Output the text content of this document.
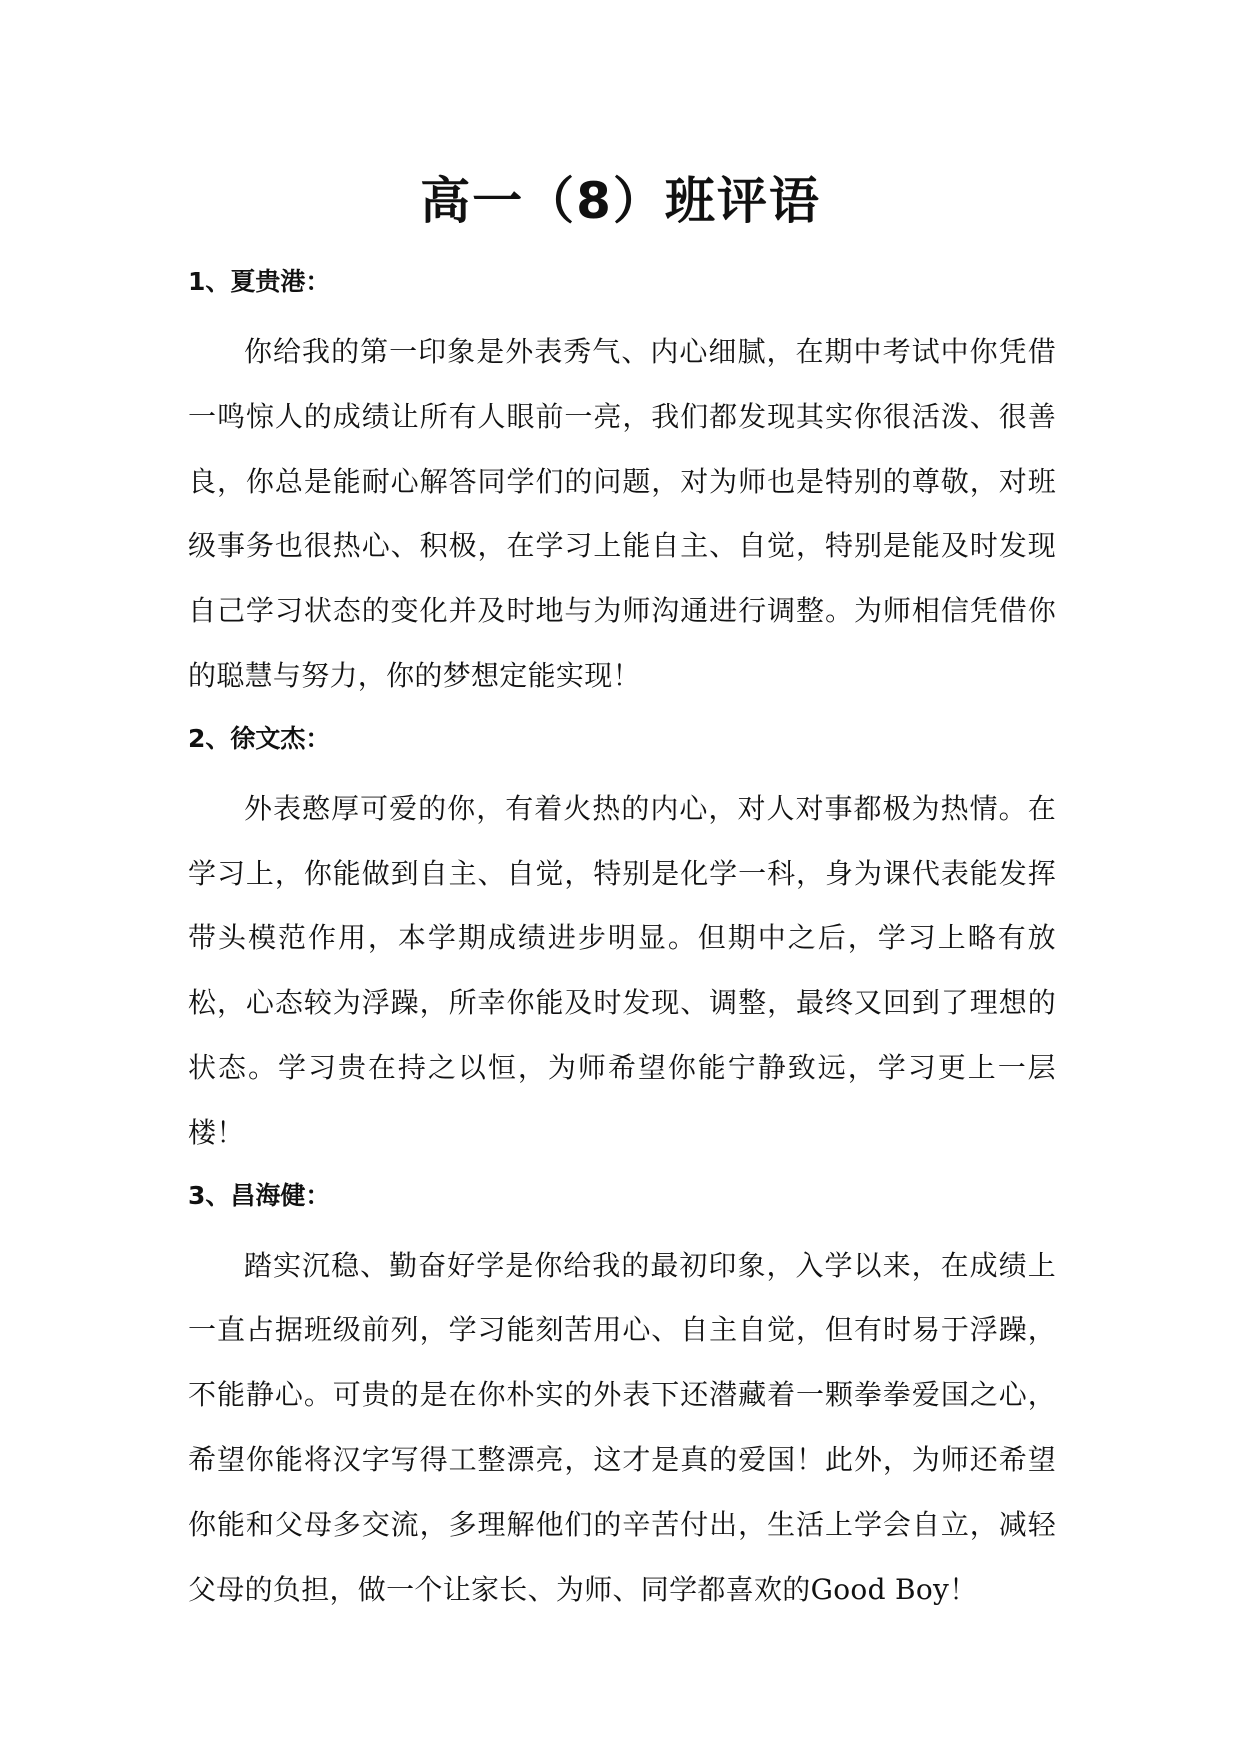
高一（8）班评语

1、夏贵港：

你给我的第一印象是外表秀气、内心细腻，在期中考试中你凭借一鸣惊人的成绩让所有人眼前一亮，我们都发现其实你很活泼、很善良，你总是能耐心解答同学们的问题，对为师也是特别的尊敬，对班级事务也很热心、积极，在学习上能自主、自觉，特别是能及时发现自己学习状态的变化并及时地与为师沟通进行调整。为师相信凭借你的聪慧与努力，你的梦想定能实现！

2、徐文杰：

外表憨厚可爱的你，有着火热的内心，对人对事都极为热情。在学习上，你能做到自主、自觉，特别是化学一科，身为课代表能发挥带头模范作用，本学期成绩进步明显。但期中之后，学习上略有放松，心态较为浮躁，所幸你能及时发现、调整，最终又回到了理想的状态。学习贵在持之以恒，为师希望你能宁静致远，学习更上一层楼！

3、昌海健：

踏实沉稳、勤奋好学是你给我的最初印象，入学以来，在成绩上一直占据班级前列，学习能刻苦用心、自主自觉，但有时易于浮躁，不能静心。可贵的是在你朴实的外表下还潜藏着一颗拳拳爱国之心，希望你能将汉字写得工整漂亮，这才是真的爱国！此外，为师还希望你能和父母多交流，多理解他们的辛苦付出，生活上学会自立，减轻父母的负担，做一个让家长、为师、同学都喜欢的Good Boy！
